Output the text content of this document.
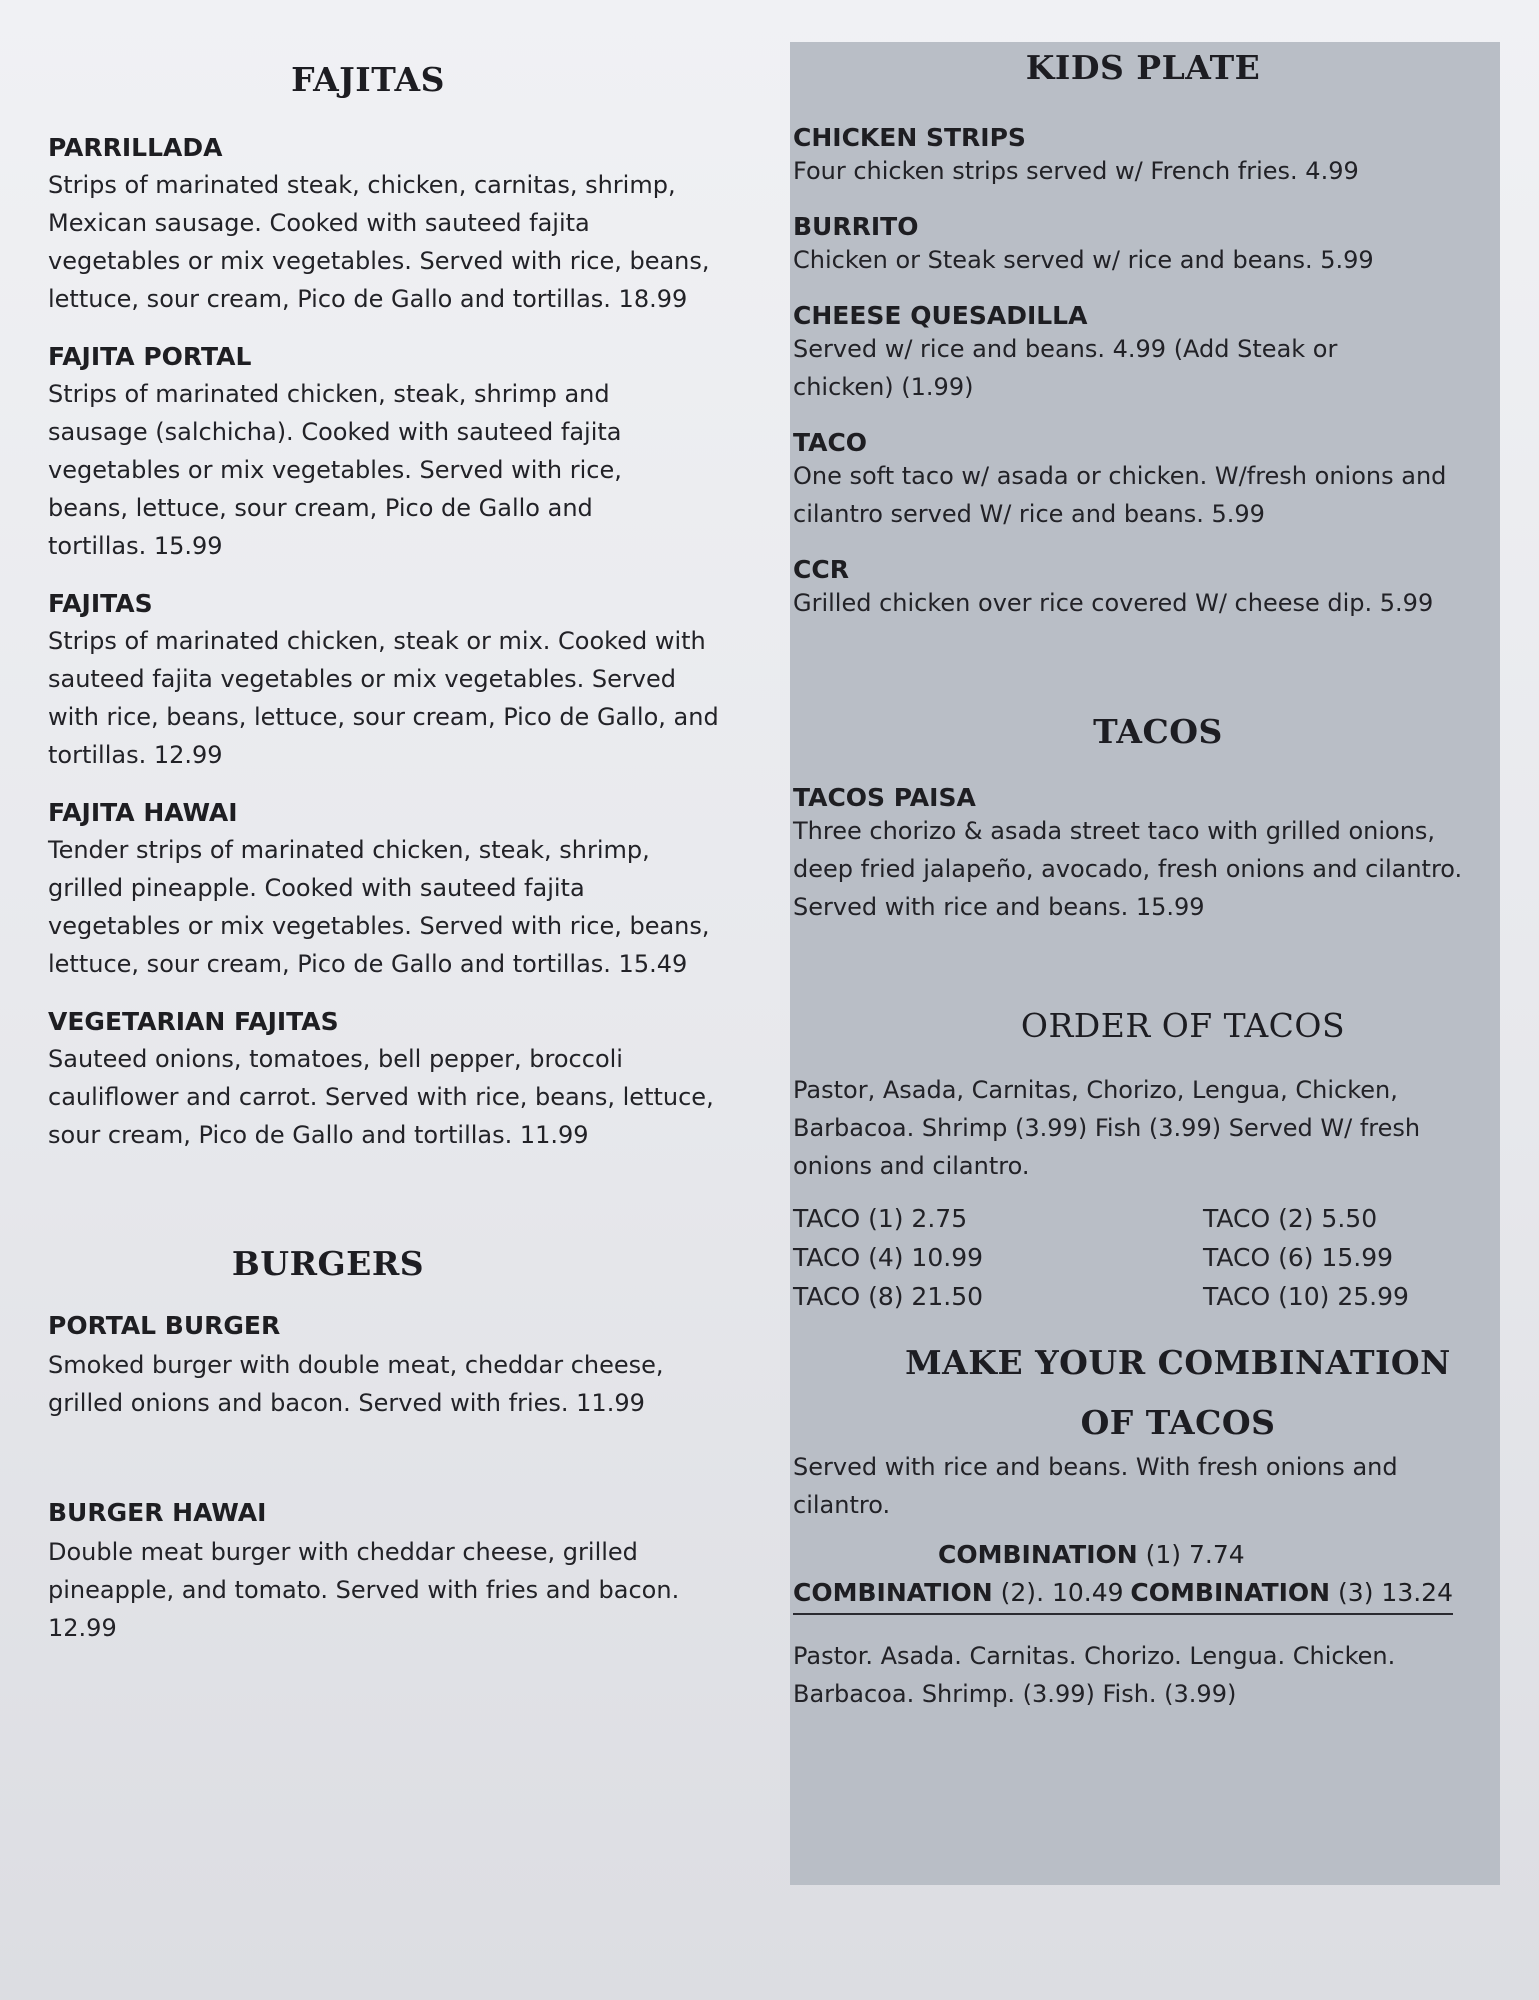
FAJITAS

PARRILLADA

Strips of marinated steak, chicken, carnitas, shrimp, Mexican sausage. Cooked with sauteed fajita vegetables or mix vegetables. Served with rice, beans, lettuce, sour cream, Pico de Gallo and tortillas. 18.99

FAJITA PORTAL

Strips of marinated chicken, steak, shrimp and sausage (salchicha). Cooked with sauteed fajita vegetables or mix vegetables. Served with rice, beans, lettuce, sour cream, Pico de Gallo and tortillas. 15.99

FAJITAS

Strips of marinated chicken, steak or mix. Cooked with sauteed fajita vegetables or mix vegetables. Served with rice, beans, lettuce, sour cream, Pico de Gallo, and tortillas. 12.99

FAJITA HAWAI

Tender strips of marinated chicken, steak, shrimp, grilled pineapple. Cooked with sauteed fajita vegetables or mix vegetables. Served with rice, beans, lettuce, sour cream, Pico de Gallo and tortillas. 15.49

VEGETARIAN FAJITAS

Sauteed onions, tomatoes, bell pepper, broccoli cauliflower and carrot. Served with rice, beans, lettuce, sour cream, Pico de Gallo and tortillas. 11.99

BURGERS

PORTAL BURGER

Smoked burger with double meat, cheddar cheese, grilled onions and bacon. Served with fries. 11.99

BURGER HAWAI

Double meat burger with cheddar cheese, grilled pineapple, and tomato. Served with fries and bacon. 12.99

KIDS PLATE

CHICKEN STRIPS

Four chicken strips served w/ French fries. 4.99

BURRITO

Chicken or Steak served w/ rice and beans. 5.99

CHEESE QUESADILLA

Served w/ rice and beans. 4.99 (Add Steak or chicken) (1.99)

TACO

One soft taco w/ asada or chicken. W/fresh onions and cilantro served W/ rice and beans. 5.99

CCR

Grilled chicken over rice covered W/ cheese dip. 5.99

TACOS

TACOS PAISA

Three chorizo & asada street taco with grilled onions, deep fried jalapeño, avocado, fresh onions and cilantro. Served with rice and beans. 15.99

ORDER OF TACOS

Pastor, Asada, Carnitas, Chorizo, Lengua, Chicken, Barbacoa. Shrimp (3.99) Fish (3.99) Served W/ fresh onions and cilantro.

TACO (1) 2.75	TACO (2) 5.50
TACO (4) 10.99	TACO (6) 15.99
TACO (8) 21.50	TACO (10) 25.99
MAKE YOUR COMBINATION
OF TACOS

Served with rice and beans. With fresh onions and cilantro.

COMBINATION (1) 7.74
COMBINATION (2). 10.49 COMBINATION (3) 13.24

Pastor. Asada. Carnitas. Chorizo. Lengua. Chicken. Barbacoa. Shrimp. (3.99) Fish. (3.99)
